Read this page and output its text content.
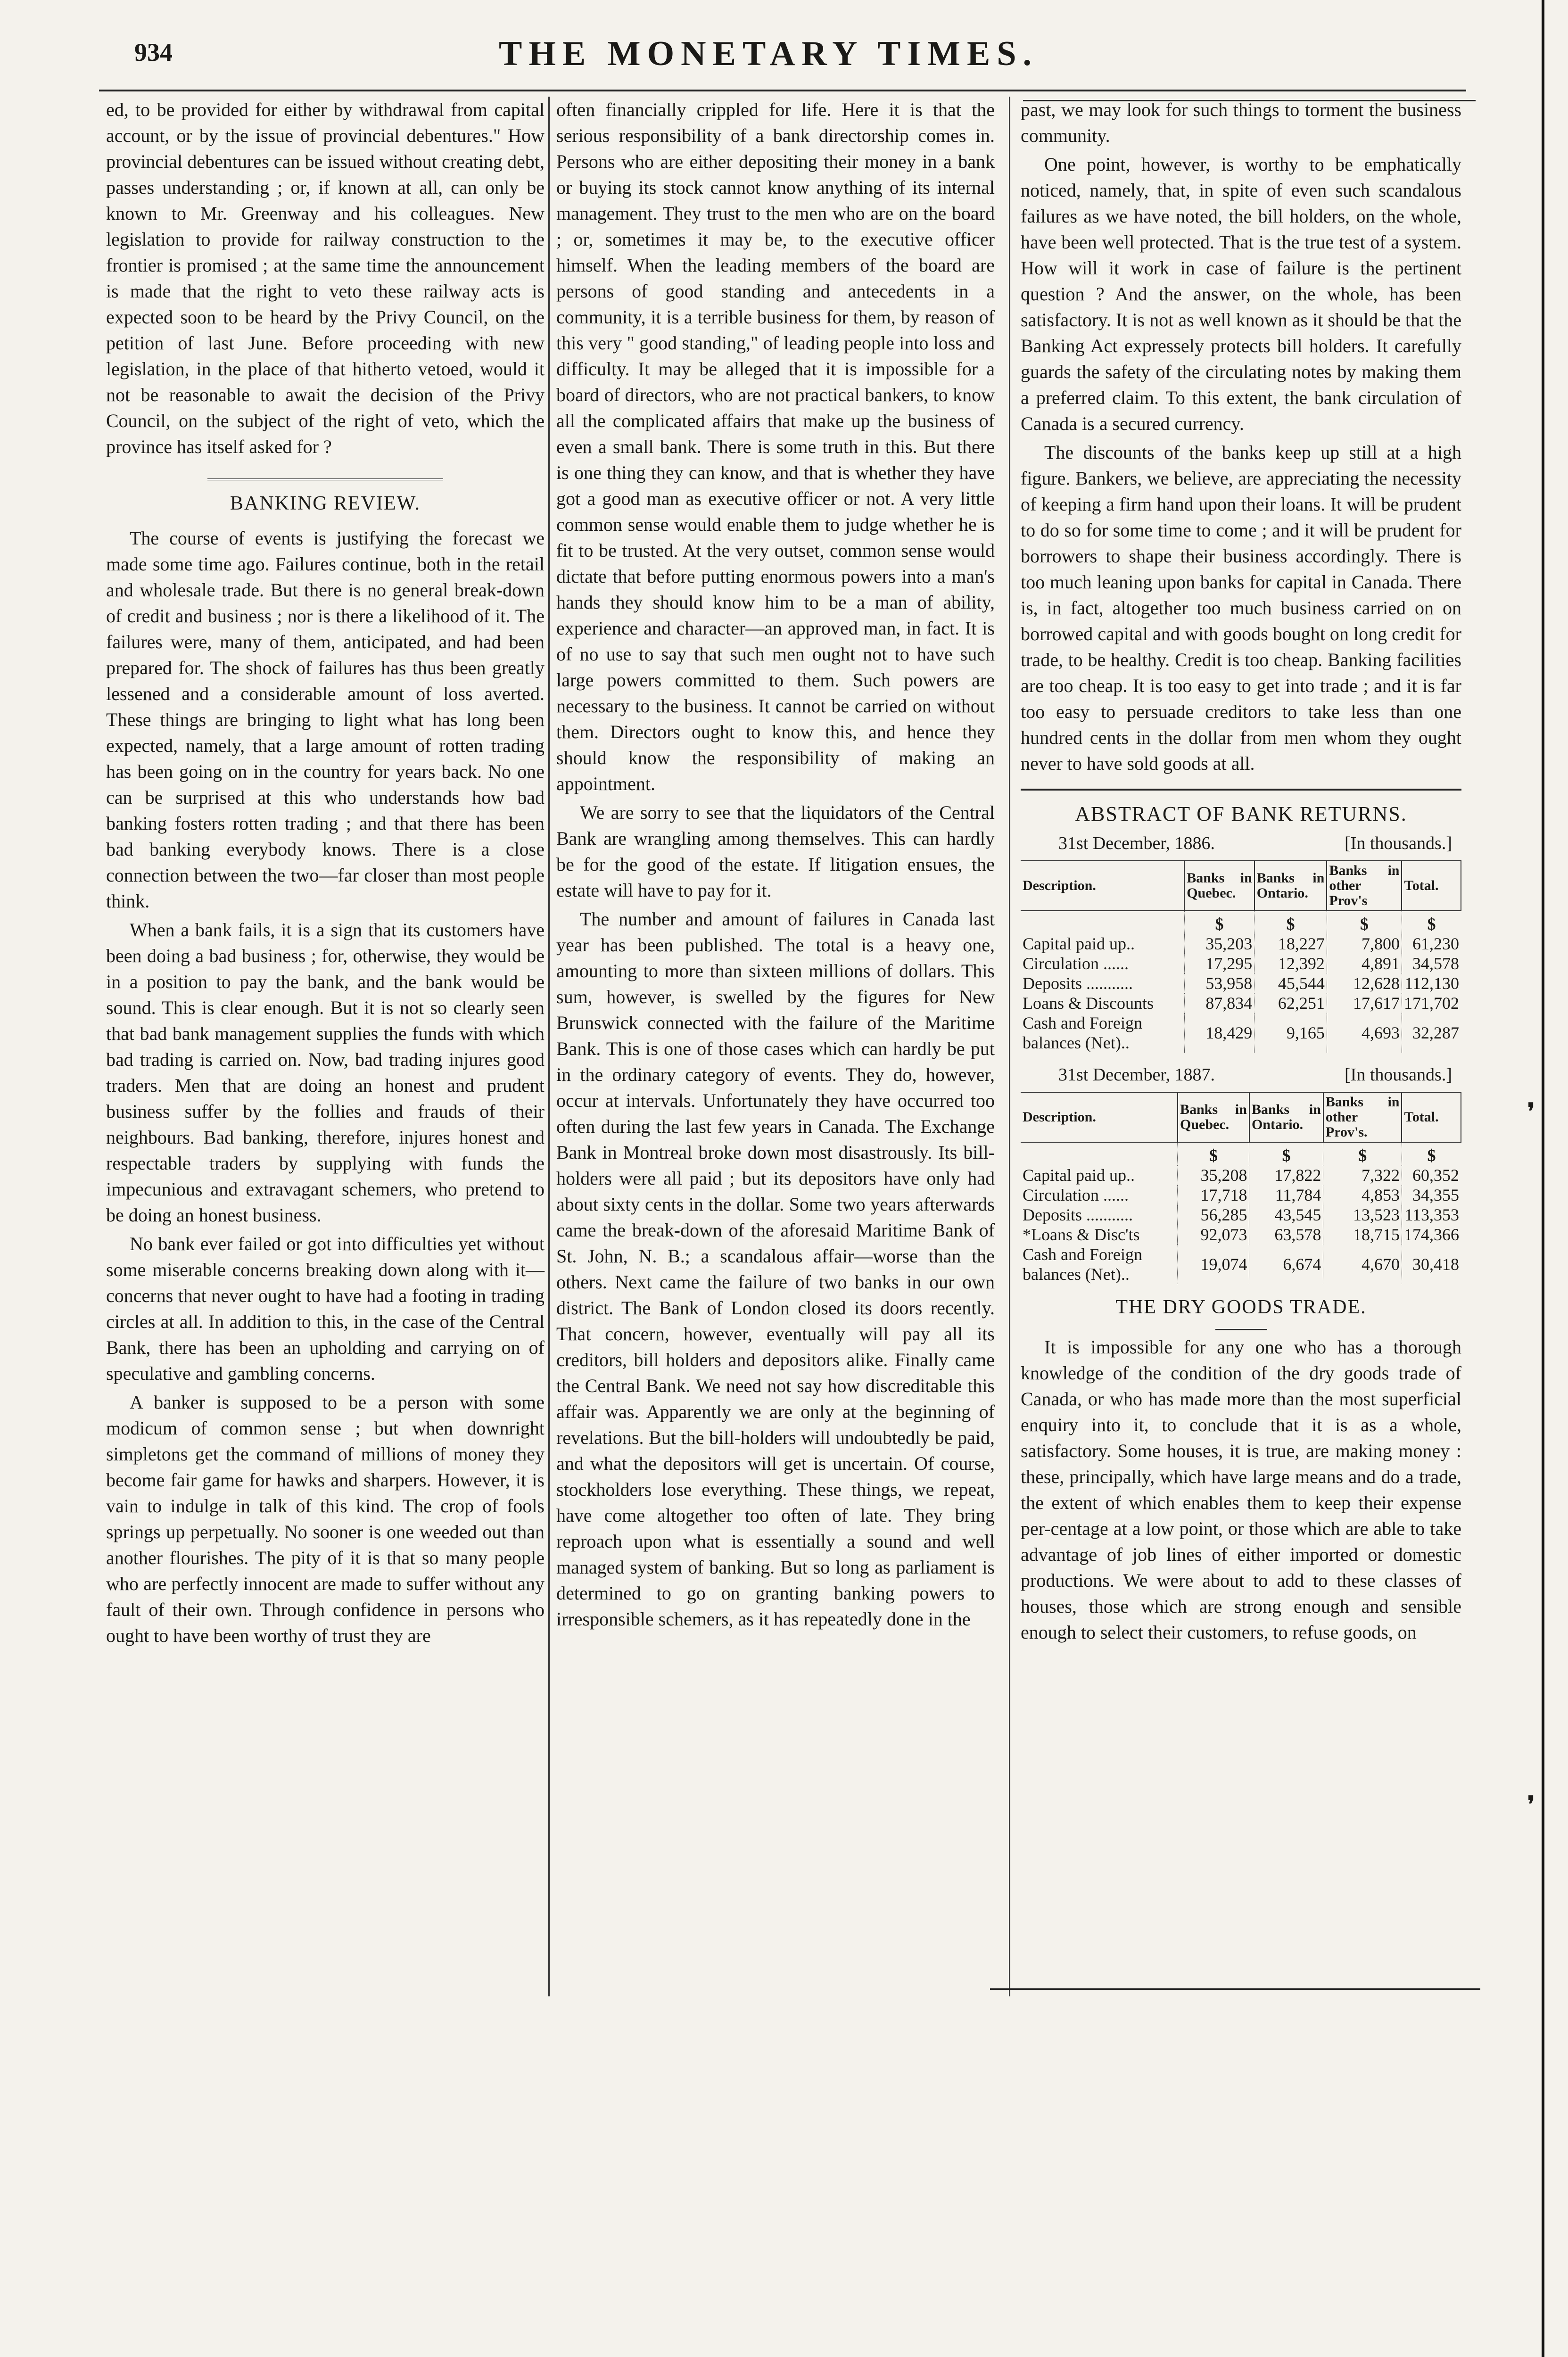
934	THE MONETARY TIMES.
❜
❜

ed, to be provided for either by withdrawal from capital account, or by the issue of provincial debentures." How provincial debentures can be issued without creating debt, passes understanding ; or, if known at all, can only be known to Mr. Greenway and his colleagues. New legislation to provide for railway construction to the frontier is promised ; at the same time the announcement is made that the right to veto these railway acts is expected soon to be heard by the Privy Council, on the petition of last June. Before proceeding with new legislation, in the place of that hitherto vetoed, would it not be reasonable to await the decision of the Privy Council, on the subject of the right of veto, which the province has itself asked for ?

BANKING REVIEW.

The course of events is justifying the forecast we made some time ago. Failures continue, both in the retail and wholesale trade. But there is no general break-down of credit and business ; nor is there a likelihood of it. The failures were, many of them, anticipated, and had been prepared for. The shock of failures has thus been greatly lessened and a considerable amount of loss averted. These things are bringing to light what has long been expected, namely, that a large amount of rotten trading has been going on in the country for years back. No one can be surprised at this who understands how bad banking fosters rotten trading ; and that there has been bad banking everybody knows. There is a close connection between the two—far closer than most people think.

When a bank fails, it is a sign that its customers have been doing a bad business ; for, otherwise, they would be in a position to pay the bank, and the bank would be sound. This is clear enough. But it is not so clearly seen that bad bank management supplies the funds with which bad trading is carried on. Now, bad trading injures good traders. Men that are doing an honest and prudent business suffer by the follies and frauds of their neighbours. Bad banking, therefore, injures honest and respectable traders by supplying with funds the impecunious and extravagant schemers, who pretend to be doing an honest business.

No bank ever failed or got into difficulties yet without some miserable concerns breaking down along with it—concerns that never ought to have had a footing in trading circles at all. In addition to this, in the case of the Central Bank, there has been an upholding and carrying on of speculative and gambling concerns.

A banker is supposed to be a person with some modicum of common sense ; but when downright simpletons get the command of millions of money they become fair game for hawks and sharpers. However, it is vain to indulge in talk of this kind. The crop of fools springs up perpetually. No sooner is one weeded out than another flourishes. The pity of it is that so many people who are perfectly innocent are made to suffer without any fault of their own. Through confidence in persons who ought to have been worthy of trust they are

often financially crippled for life. Here it is that the serious responsibility of a bank directorship comes in. Persons who are either depositing their money in a bank or buying its stock cannot know anything of its internal management. They trust to the men who are on the board ; or, sometimes it may be, to the executive officer himself. When the leading members of the board are persons of good standing and antecedents in a community, it is a terrible business for them, by reason of this very " good standing," of leading people into loss and difficulty. It may be alleged that it is impossible for a board of directors, who are not practical bankers, to know all the complicated affairs that make up the business of even a small bank. There is some truth in this. But there is one thing they can know, and that is whether they have got a good man as executive officer or not. A very little common sense would enable them to judge whether he is fit to be trusted. At the very outset, common sense would dictate that before putting enormous powers into a man's hands they should know him to be a man of ability, experience and character—an approved man, in fact. It is of no use to say that such men ought not to have such large powers committed to them. Such powers are necessary to the business. It cannot be carried on without them. Directors ought to know this, and hence they should know the responsibility of making an appointment.

We are sorry to see that the liquidators of the Central Bank are wrangling among themselves. This can hardly be for the good of the estate. If litigation ensues, the estate will have to pay for it.

The number and amount of failures in Canada last year has been published. The total is a heavy one, amounting to more than sixteen millions of dollars. This sum, however, is swelled by the figures for New Brunswick connected with the failure of the Maritime Bank. This is one of those cases which can hardly be put in the ordinary category of events. They do, however, occur at intervals. Unfortunately they have occurred too often during the last few years in Canada. The Exchange Bank in Montreal broke down most disastrously. Its bill-holders were all paid ; but its depositors have only had about sixty cents in the dollar. Some two years afterwards came the break-down of the aforesaid Maritime Bank of St. John, N. B.; a scandalous affair—worse than the others. Next came the failure of two banks in our own district. The Bank of London closed its doors recently. That concern, however, eventually will pay all its creditors, bill holders and depositors alike. Finally came the Central Bank. We need not say how discreditable this affair was. Apparently we are only at the beginning of revelations. But the bill-holders will undoubtedly be paid, and what the depositors will get is uncertain. Of course, stockholders lose everything. These things, we repeat, have come altogether too often of late. They bring reproach upon what is essentially a sound and well managed system of banking. But so long as parliament is determined to go on granting banking powers to irresponsible schemers, as it has repeatedly done in the

past, we may look for such things to torment the business community.

One point, however, is worthy to be emphatically noticed, namely, that, in spite of even such scandalous failures as we have noted, the bill holders, on the whole, have been well protected. That is the true test of a system. How will it work in case of failure is the pertinent question ? And the answer, on the whole, has been satisfactory. It is not as well known as it should be that the Banking Act expressely protects bill holders. It carefully guards the safety of the circulating notes by making them a preferred claim. To this extent, the bank circulation of Canada is a secured currency.

The discounts of the banks keep up still at a high figure. Bankers, we believe, are appreciating the necessity of keeping a firm hand upon their loans. It will be prudent to do so for some time to come ; and it will be prudent for borrowers to shape their business accordingly. There is too much leaning upon banks for capital in Canada. There is, in fact, altogether too much business carried on on borrowed capital and with goods bought on long credit for trade, to be healthy. Credit is too cheap. Banking facilities are too cheap. It is too easy to get into trade ; and it is far too easy to persuade creditors to take less than one hundred cents in the dollar from men whom they ought never to have sold goods at all.

ABSTRACT OF BANK RETURNS.
31st December, 1886.	[In thousands.]
Description.	Banks in Quebec.	Banks in Ontario.	Banks in other Prov's	Total.
	$	$	$	$
Capital paid up..	35,203	18,227	7,800	61,230
Circulation ......	17,295	12,392	4,891	34,578
Deposits ...........	53,958	45,544	12,628	112,130
Loans & Discounts	87,834	62,251	17,617	171,702
Cash and Foreign balances (Net)..	18,429	9,165	4,693	32,287
31st December, 1887.	[In thousands.]
Description.	Banks in Quebec.	Banks in Ontario.	Banks in other Prov's.	Total.
	$	$	$	$
Capital paid up..	35,208	17,822	7,322	60,352
Circulation ......	17,718	11,784	4,853	34,355
Deposits ...........	56,285	43,545	13,523	113,353
*Loans & Disc'ts	92,073	63,578	18,715	174,366
Cash and Foreign balances (Net)..	19,074	6,674	4,670	30,418
THE DRY GOODS TRADE.

It is impossible for any one who has a thorough knowledge of the condition of the dry goods trade of Canada, or who has made more than the most superficial enquiry into it, to conclude that it is as a whole, satisfactory. Some houses, it is true, are making money : these, principally, which have large means and do a trade, the extent of which enables them to keep their expense per-centage at a low point, or those which are able to take advantage of job lines of either imported or domestic productions. We were about to add to these classes of houses, those which are strong enough and sensible enough to select their customers, to refuse goods, on
